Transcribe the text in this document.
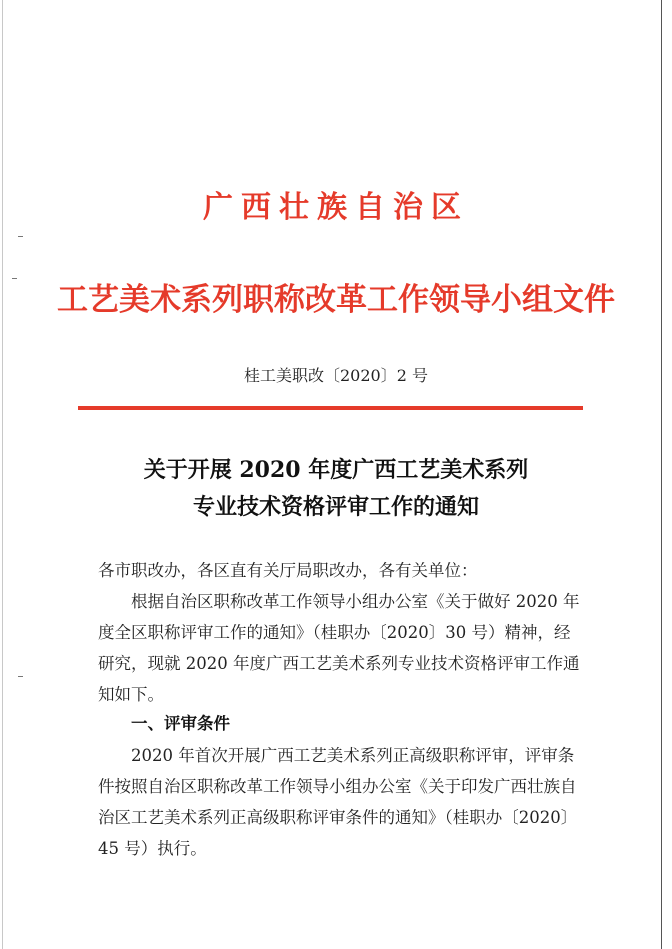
广西壮族自治区
工艺美术系列职称改革工作领导小组文件
桂工美职改〔2020〕2 号
关于开展 2020 年度广西工艺美术系列
专业技术资格评审工作的通知
各市职改办，各区直有关厅局职改办，各有关单位：
根据自治区职称改革工作领导小组办公室《关于做好 2020 年度全区职称评审工作的通知》（桂职办〔2020〕30 号）精神，经研究，现就 2020 年度广西工艺美术系列专业技术资格评审工作通知如下。
一、评审条件
2020 年首次开展广西工艺美术系列正高级职称评审，评审条件按照自治区职称改革工作领导小组办公室《关于印发广西壮族自治区工艺美术系列正高级职称评审条件的通知》（桂职办〔2020〕45 号）执行。
